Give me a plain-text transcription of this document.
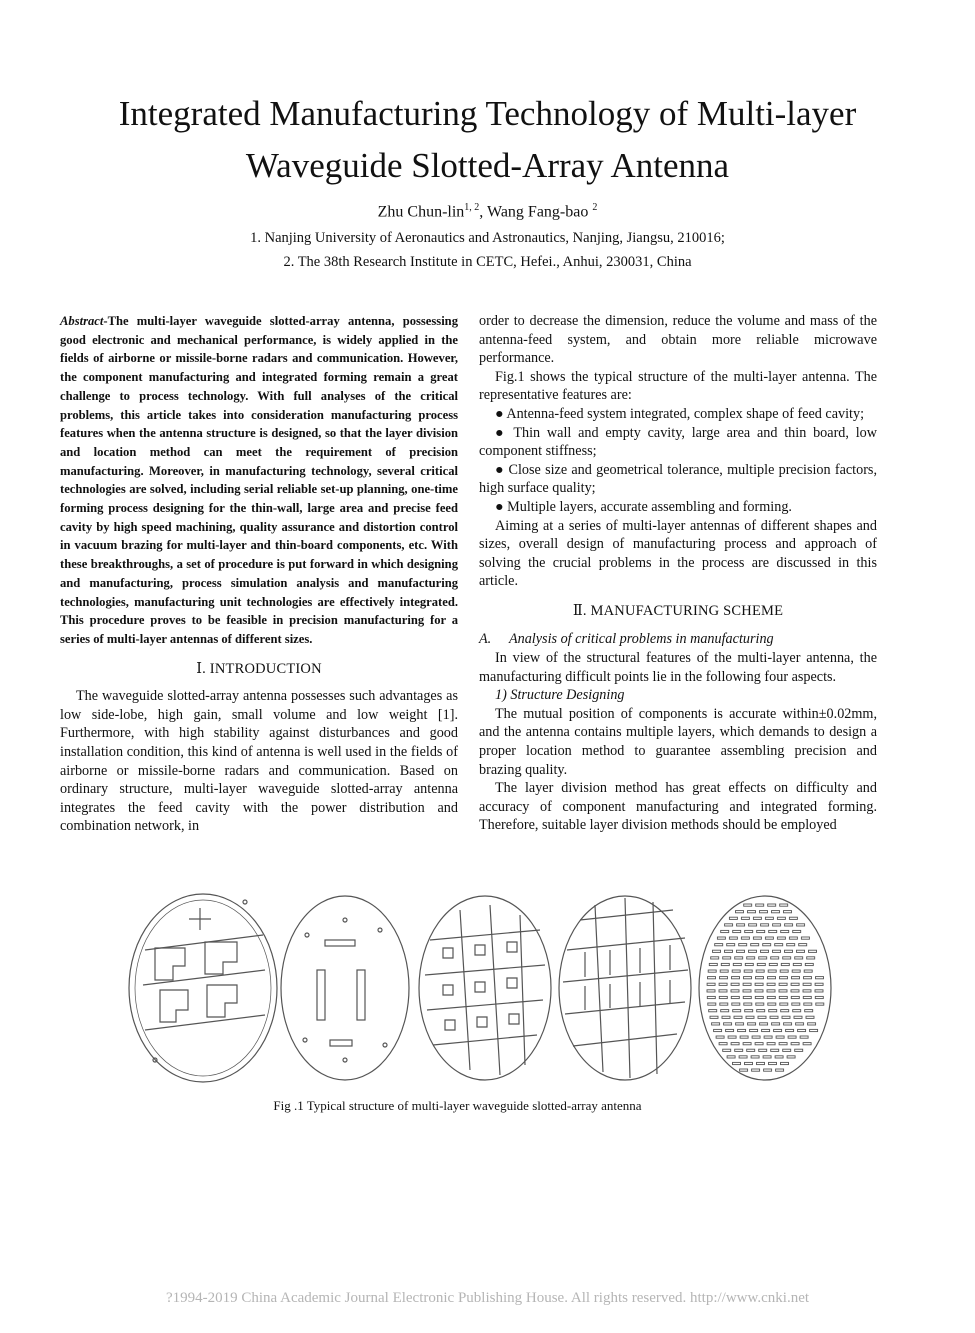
Integrated Manufacturing Technology of Multi-layer
Waveguide Slotted-Array Antenna
Zhu Chun-lin$^{1, 2}$, Wang Fang-bao $^2$
1. Nanjing University of Aeronautics and Astronautics, Nanjing, Jiangsu, 210016;
2. The 38th Research Institute in CETC, Hefei., Anhui, 230031, China

Abstract-The multi-layer waveguide slotted-array antenna, possessing good electronic and mechanical performance, is widely applied in the fields of airborne or missile-borne radars and communication. However, the component manufacturing and integrated forming remain a great challenge to process technology. With full analyses of the critical problems, this article takes into consideration manufacturing process features when the antenna structure is designed, so that the layer division and location method can meet the requirement of precision manufacturing. Moreover, in manufacturing technology, several critical technologies are solved, including serial reliable set-up planning, one-time forming process designing for the thin-wall, large area and precise feed cavity by high speed machining, quality assurance and distortion control in vacuum brazing for multi-layer and thin-board components, etc. With these breakthroughs, a set of procedure is put forward in which designing and manufacturing, process simulation analysis and manufacturing technologies, manufacturing unit technologies are effectively integrated. This procedure proves to be feasible in precision manufacturing for a series of multi-layer antennas of different sizes.

Ⅰ. INTRODUCTION

The waveguide slotted-array antenna possesses such advantages as low side-lobe, high gain, small volume and low weight [1]. Furthermore, with high stability against disturbances and good installation condition, this kind of antenna is well used in the fields of airborne or missile-borne radars and communication. Based on ordinary structure, multi-layer waveguide slotted-array antenna integrates the feed cavity with the power distribution and combination network, in

order to decrease the dimension, reduce the volume and mass of the antenna-feed system, and obtain more reliable microwave performance.

Fig.1 shows the typical structure of the multi-layer antenna. The representative features are:

● Antenna-feed system integrated, complex shape of feed cavity;

● Thin wall and empty cavity, large area and thin board, low component stiffness;

● Close size and geometrical tolerance, multiple precision factors, high surface quality;

● Multiple layers, accurate assembling and forming.

Aiming at a series of multi-layer antennas of different shapes and sizes, overall design of manufacturing process and approach of solving the crucial problems in the process are discussed in this article.

Ⅱ. MANUFACTURING SCHEME

A. Analysis of critical problems in manufacturing

In view of the structural features of the multi-layer antenna, the manufacturing difficult points lie in the following four aspects.

1) Structure Designing

The mutual position of components is accurate within±0.02mm, and the antenna contains multiple layers, which demands to design a proper location method to guarantee assembling precision and brazing quality.

The layer division method has great effects on difficulty and accuracy of component manufacturing and integrated forming. Therefore, suitable layer division methods should be employed

Fig .1 Typical structure of multi-layer waveguide slotted-array antenna
?1994-2019 China Academic Journal Electronic Publishing House. All rights reserved. http://www.cnki.net
